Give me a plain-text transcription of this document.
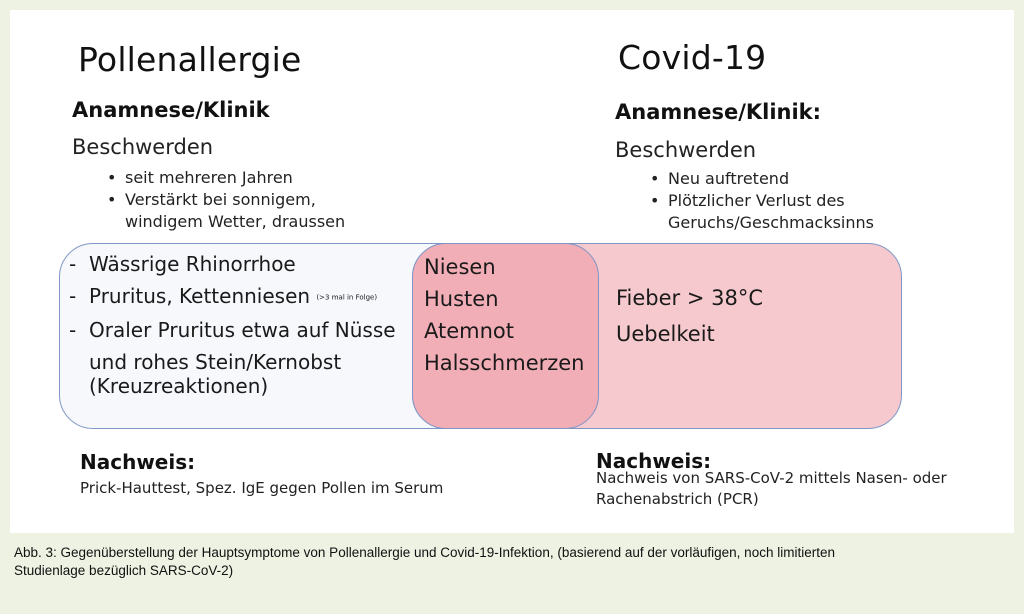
Pollenallergie
Anamnese/Klinik
Beschwerden
• seit mehreren Jahren
• Verstärkt bei sonnigem,
windigem Wetter, draussen
Covid-19
Anamnese/Klinik:
Beschwerden
• Neu auftretend
• Plötzlicher Verlust des
Geruchs/Geschmacksinns
- Wässrige Rhinorrhoe
- Pruritus, Kettenniesen (>3 mal in Folge)
- Oraler Pruritus etwa auf Nüsse
und rohes Stein/Kernobst
(Kreuzreaktionen)
Niesen
Husten
Atemnot
Halsschmerzen
Fieber > 38°C
Uebelkeit
Nachweis:
Prick-Hauttest, Spez. IgE gegen Pollen im Serum
Nachweis:
Nachweis von SARS-CoV-2 mittels Nasen- oder
Rachenabstrich (PCR)
Abb. 3: Gegenüberstellung der Hauptsymptome von Pollenallergie und Covid-19-Infektion, (basierend auf der vorläufigen, noch limitierten
Studienlage bezüglich SARS-CoV-2)
